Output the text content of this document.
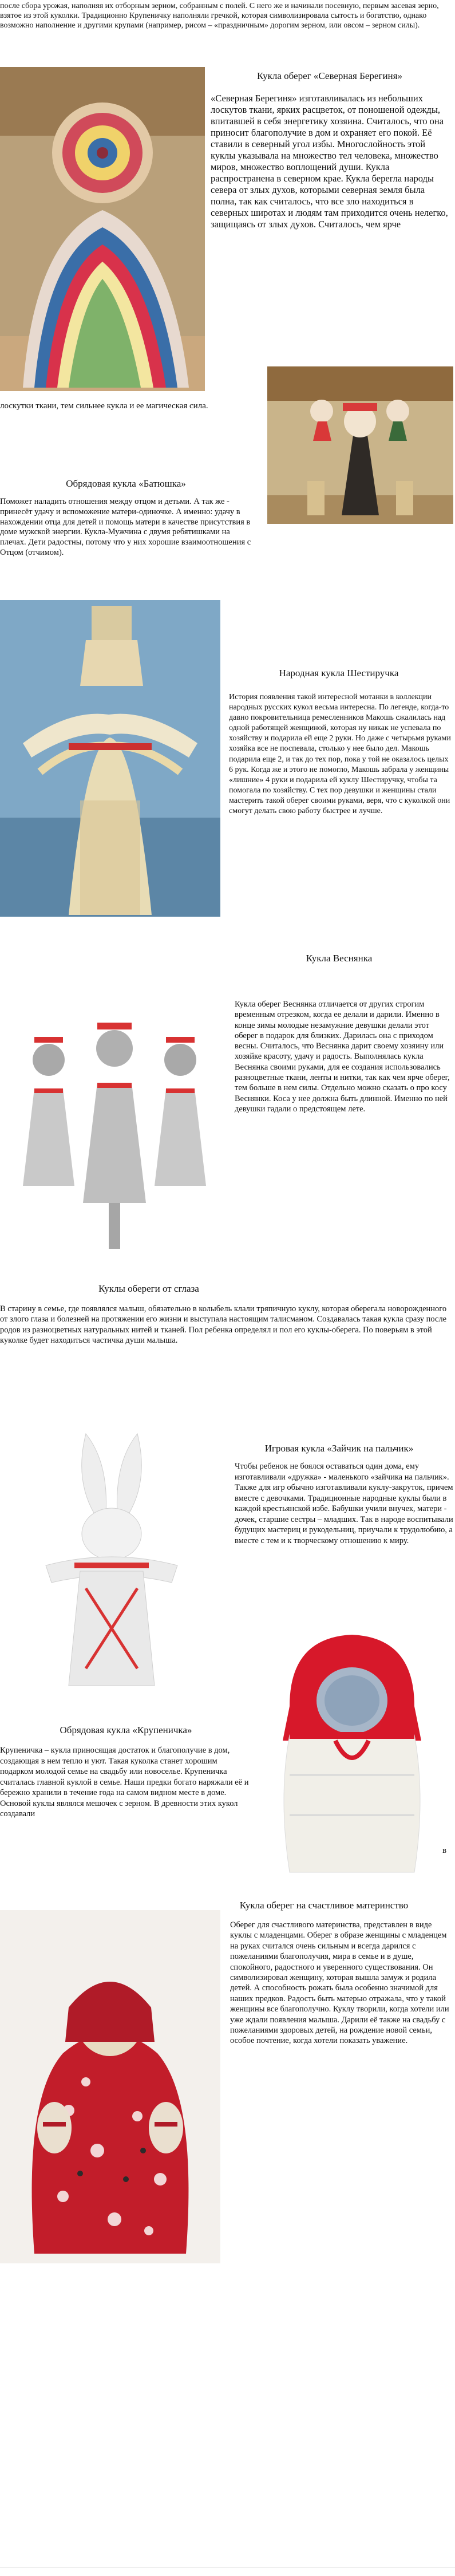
после сбора урожая, наполняя их отборным зерном, собранным с полей. С него же и начинали посевную, первым засевая зерно, взятое из этой куколки. Традиционно Крупеничку наполняли гречкой, которая символизировала сытость и богатство, однако возможно наполнение и другими крупами (например, рисом – «праздничным» дорогим зерном, или овсом – зерном силы).

Кукла оберег «Северная Берегиня»

«Северная Берегиня» изготавливалась из небольших лоскутов ткани, ярких расцветок, от поношеной одежды, впитавшей в себя энергетику хозяина. Считалось, что она приносит благополучие в дом и охраняет его покой. Её ставили в северный угол избы. Многослойность этой куклы указывала на множество тел человека, множество миров, множество воплощений души. Кукла распространена в северном крае. Кукла берегла народы севера от злых духов, которыми северная земля была полна, так как считалось, что все зло находиться в северных широтах и людям там приходится очень нелегко, защищаясь от злых духов. Считалось, чем ярче

лоскутки ткани, тем сильнее кукла и ее магическая сила.

Обрядовая кукла «Батюшка»

Поможет наладить отношения между отцом и детьми. А так же - принесёт удачу и вспоможение матери-одиночке. А именно: удачу в нахождении отца для детей и помощь матери в качестве присутствия в доме мужской энергии. Кукла-Мужчина с двумя ребятишками на плечах. Дети радостны, потому что у них хорошие взаимоотношения с Отцом (отчимом).

Народная кукла Шестиручка

История появления такой интересной мотанки в коллекции народных русских кукол весьма интересна. По легенде, когда-то давно покровительница ремесленников Макошь сжалилась над одной работящей женщиной, которая ну никак не успевала по хозяйству и подарила ей еще 2 руки. Но даже с четырьмя руками хозяйка все не поспевала, столько у нее было дел. Макошь подарила еще 2, и так до тех пор, пока у той не оказалось целых 6 рук. Когда же и этого не помогло, Макошь забрала у женщины «лишние» 4 руки и подарила ей куклу Шестиручку, чтобы та помогала по хозяйству. С тех пор девушки и женщины стали мастерить такой оберег своими руками, веря, что с куколкой они смогут делать свою работу быстрее и лучше.

Кукла Веснянка

Кукла оберег Веснянка отличается от других строгим временным отрезком, когда ее делали и дарили. Именно в конце зимы молодые незамужние девушки делали этот оберег в подарок для близких. Дарилась она с приходом весны. Считалось, что Веснянка дарит своему хозяину или хозяйке красоту, удачу и радость. Выполнялась кукла Веснянка своими руками, для ее создания использовались разноцветные ткани, ленты и нитки, так как чем ярче оберег, тем больше в нем силы. Отдельно можно сказать о про косу Веснянки. Коса у нее должна быть длинной. Именно по ней девушки гадали о предстоящем лете.

Куклы обереги от сглаза

В старину в семье, где появлялся малыш, обязательно в колыбель клали тряпичную куклу, которая оберегала новорожденного от злого глаза и болезней на протяжении его жизни и выступала настоящим талисманом. Создавалась такая кукла сразу после родов из разноцветных натуральных нитей и тканей. Пол ребенка определял и пол его куклы-оберега. По поверьям в этой куколке будет находиться частичка души малыша.

Игровая кукла «Зайчик на пальчик»

Чтобы ребенок не боялся оставаться один дома, ему изготавливали «дружка» - маленького «зайчика на пальчик». Также для игр обычно изготавливали куклу-закруток, причем вместе с девочками. Традиционные народные куклы были в каждой крестьянской избе. Бабушки учили внучек, матери - дочек, старшие сестры – младших. Так в народе воспитывали будущих мастериц и рукодельниц, приучали к трудолюбию, а вместе с тем и к творческому отношению к миру.

Обрядовая кукла «Крупеничка»

Крупеничка – кукла приносящая достаток и благополучие в дом, создающая в нем тепло и уют. Такая куколка станет хорошим подарком молодой семье на свадьбу или новоселье. Крупеничка считалась главной куклой в семье. Наши предки богато наряжали её и бережно хранили в течение года на самом видном месте в доме. Основой куклы являлся мешочек с зерном. В древности этих кукол создавали

в
Кукла оберег на счастливое материнство

Оберег для счастливого материнства, представлен в виде куклы с младенцами. Оберег в образе женщины с младенцем на руках считался очень сильным и всегда дарился с пожеланиями благополучия, мира в семье и в душе, спокойного, радостного и уверенного существования. Он символизировал женщину, которая вышла замуж и родила детей. А способность рожать была особенно значимой для наших предков. Радость быть матерью отражала, что у такой женщины все благополучно. Куклу творили, когда хотели или уже ждали появления малыша. Дарили её также на свадьбу с пожеланиями здоровых детей, на рождение новой семьи, особое почтение, когда хотели показать уважение.
